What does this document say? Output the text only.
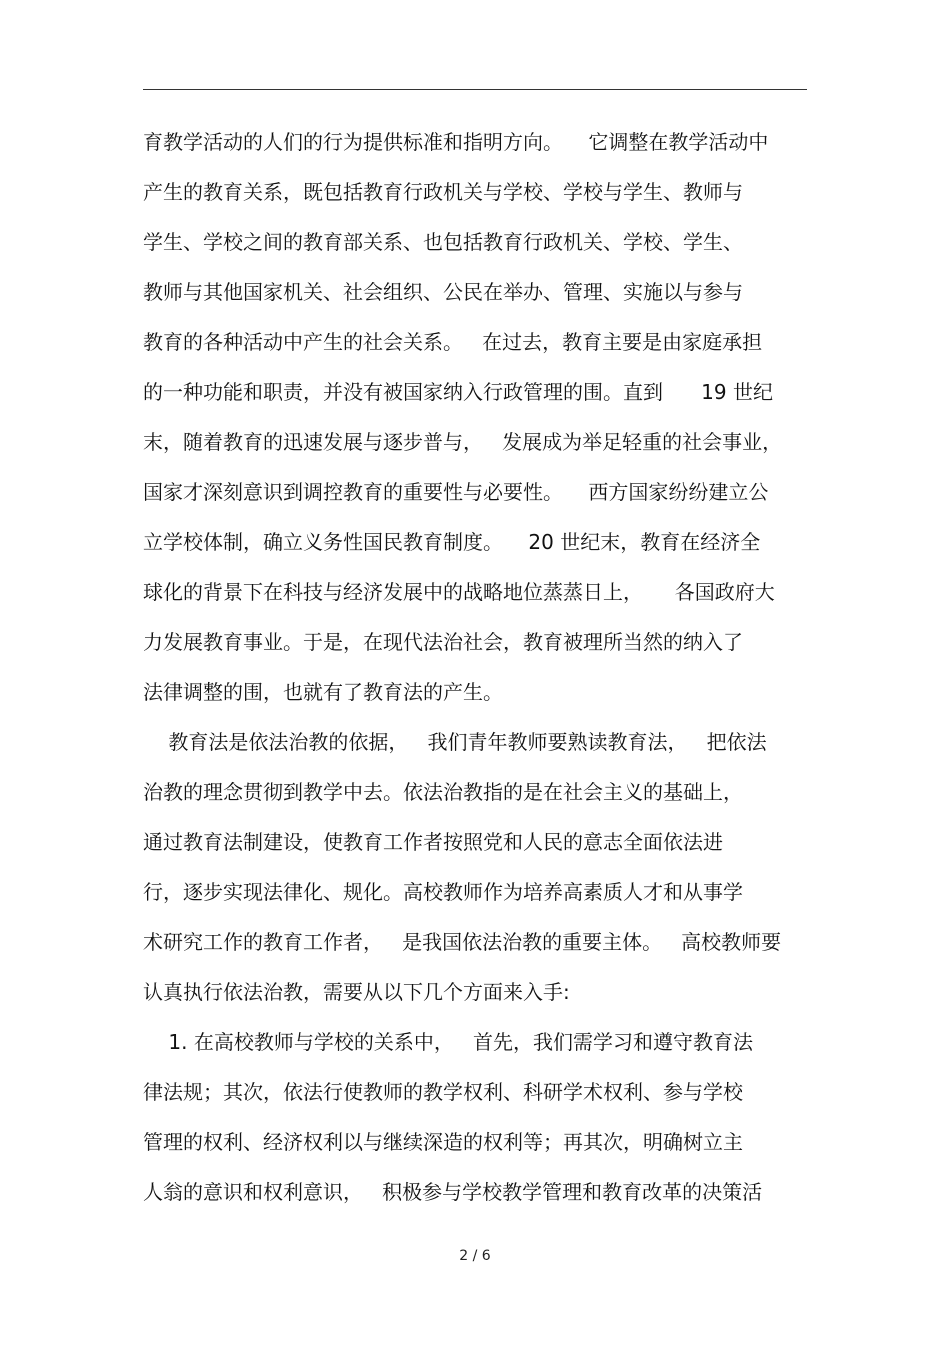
育教学活动的人们的行为提供标准和指明方向。    它调整在教学活动中
产生的教育关系，既包括教育行政机关与学校、学校与学生、教师与
学生、学校之间的教育部关系、也包括教育行政机关、学校、学生、
教师与其他国家机关、社会组织、公民在举办、管理、实施以与参与
教育的各种活动中产生的社会关系。   在过去，教育主要是由家庭承担
的一种功能和职责，并没有被国家纳入行政管理的围。直到      19 世纪
末，随着教育的迅速发展与逐步普与，   发展成为举足轻重的社会事业，
国家才深刻意识到调控教育的重要性与必要性。    西方国家纷纷建立公
立学校体制，确立义务性国民教育制度。    20 世纪末，教育在经济全
球化的背景下在科技与经济发展中的战略地位蒸蒸日上，     各国政府大
力发展教育事业。于是，在现代法治社会，教育被理所当然的纳入了
法律调整的围，也就有了教育法的产生。
教育法是依法治教的依据，   我们青年教师要熟读教育法，   把依法
治教的理念贯彻到教学中去。依法治教指的是在社会主义的基础上，
通过教育法制建设，使教育工作者按照党和人民的意志全面依法进
行，逐步实现法律化、规化。高校教师作为培养高素质人才和从事学
术研究工作的教育工作者，   是我国依法治教的重要主体。   高校教师要
认真执行依法治教，需要从以下几个方面来入手:
1. 在高校教师与学校的关系中，   首先，我们需学习和遵守教育法
律法规；其次，依法行使教师的教学权利、科研学术权利、参与学校
管理的权利、经济权利以与继续深造的权利等；再其次，明确树立主
人翁的意识和权利意识，   积极参与学校教学管理和教育改革的决策活
2 / 6
